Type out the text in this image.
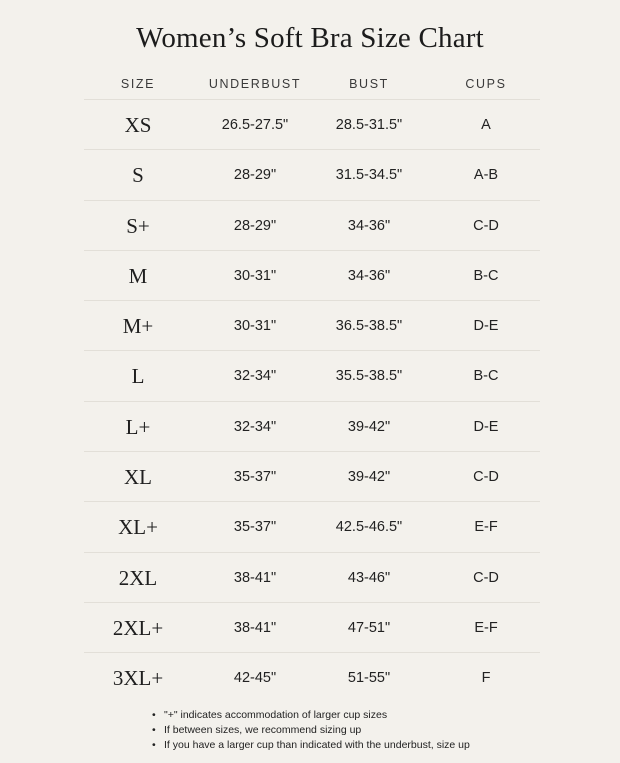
Women’s Soft Bra Size Chart
SIZE	UNDERBUST	BUST	CUPS
XS	26.5-27.5"	28.5-31.5"	A
S	28-29"	31.5-34.5"	A-B
S+	28-29"	34-36"	C-D
M	30-31"	34-36"	B-C
M+	30-31"	36.5-38.5"	D-E
L	32-34"	35.5-38.5"	B-C
L+	32-34"	39-42"	D-E
XL	35-37"	39-42"	C-D
XL+	35-37"	42.5-46.5"	E-F
2XL	38-41"	43-46"	C-D
2XL+	38-41"	47-51"	E-F
3XL+	42-45"	51-55"	F
• "+" indicates accommodation of larger cup sizes
• If between sizes, we recommend sizing up
• If you have a larger cup than indicated with the underbust, size up
